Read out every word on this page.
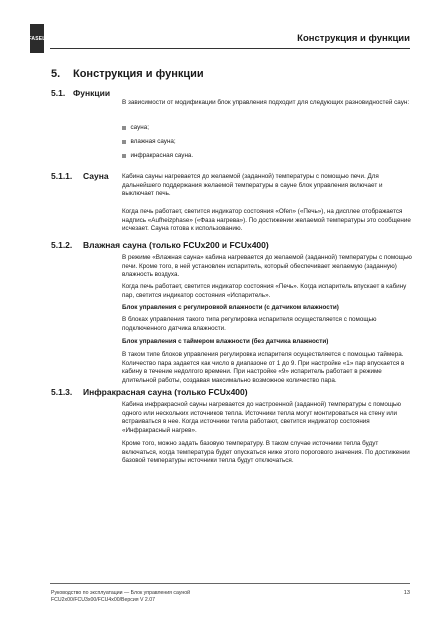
FASEL	Конструкция и функции
5. Конструкция и функции
5.1. Функции

В зависимости от модификации блок управления подходит для следующих разновидностей саун:

сауна;
влажная сауна;
инфракрасная сауна.
5.1.1. Сауна Кабина сауны нагревается до желаемой (заданной) температуры с помощью печи. Для дальнейшего поддержания желаемой температуры в сауне блок управления включает и выключает печь.

Когда печь работает, светится индикатор состояния «Ofen» («Печь»), на дисплее отображается надпись «Aufheizphase» («Фаза нагрева»). По достижении желаемой температуры это сообщение исчезает. Сауна готова к использованию.

5.1.2. Влажная сауна (только FCUx200 и FCUx400)

В режиме «Влажная сауна» кабина нагревается до желаемой (заданной) температуры с помощью печи. Кроме того, в ней установлен испаритель, который обеспечивает желаемую (заданную) влажность воздуха.

Когда печь работает, светится индикатор состояния «Печь». Когда испаритель впускает в кабину пар, светится индикатор состояния «Испаритель».

Блок управления с регулировкой влажности (с датчиком влажности)

В блоках управления такого типа регулировка испарителя осуществляется с помощью подключенного датчика влажности.

Блок управления с таймером влажности (без датчика влажности)

В таком типе блоков управления регулировка испарителя осуществляется с помощью таймера. Количество пара задается как число в диапазоне от 1 до 9. При настройке «1» пар впускается в кабину в течение недолгого времени. При настройке «9» испаритель работает в режиме длительной работы, создавая максимально возможное количество пара.

5.1.3. Инфракрасная сауна (только FCUx400)

Кабина инфракрасной сауны нагревается до настроенной (заданной) температуры с помощью одного или нескольких источников тепла. Источники тепла могут монтироваться на стену или встраиваться в нее. Когда источники тепла работают, светится индикатор состояния «Инфракрасный нагрев».

Кроме того, можно задать базовую температуру. В таком случае источники тепла будут включаться, когда температура будет опускаться ниже этого порогового значения. По достижении базовой температуры источники тепла будут отключаться.

Руководство по эксплуатации — Блок управления сауной
FCU2x00/FCU3x00/FCU4x00/Версия V 2.07
13
